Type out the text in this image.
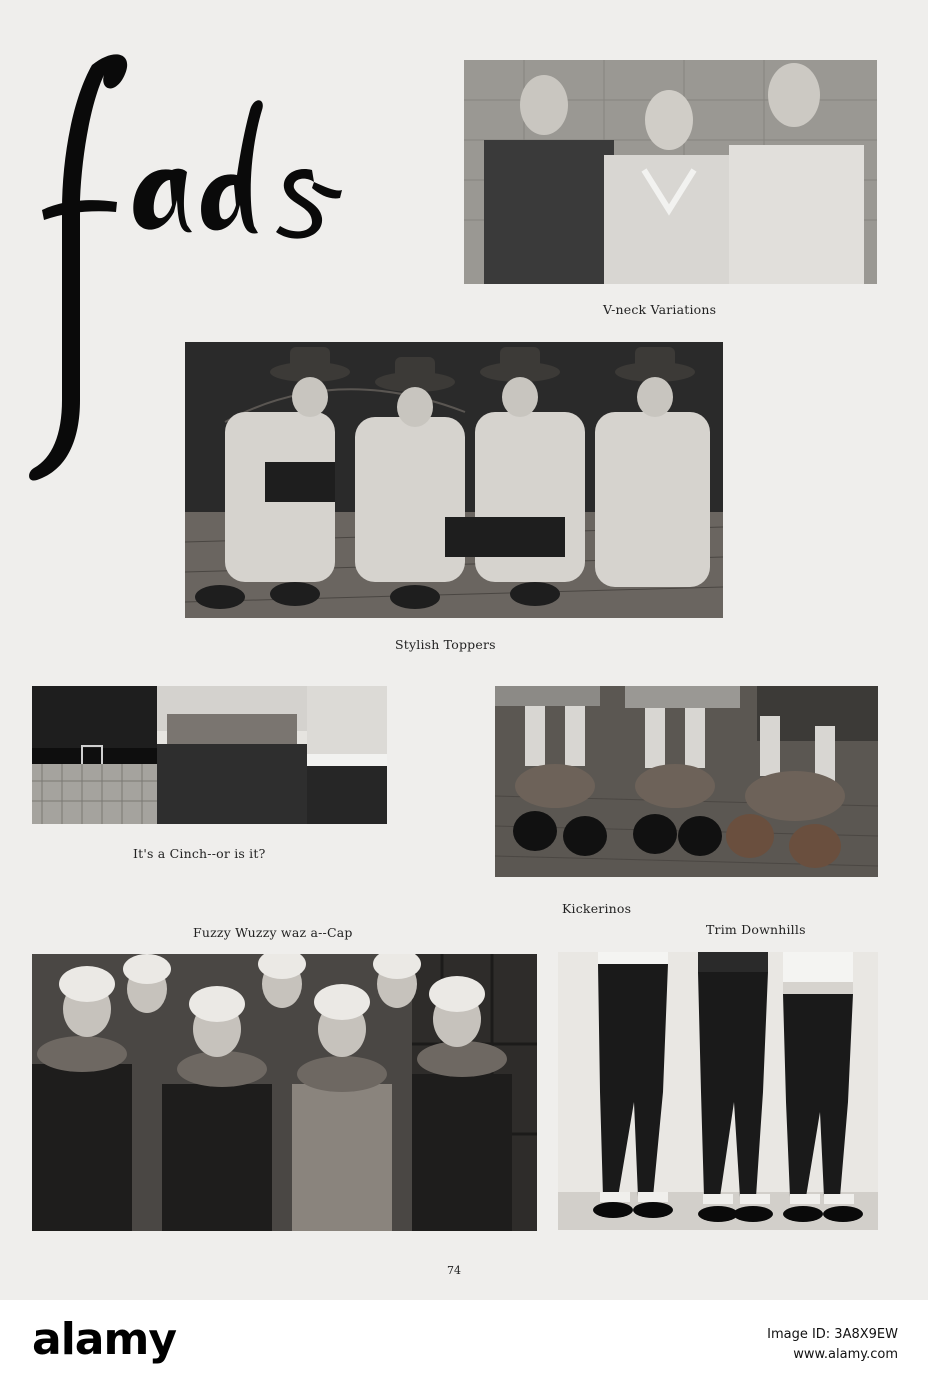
V-neck Variations
Stylish Toppers
It's a Cinch--or is it?
Kickerinos
Fuzzy Wuzzy waz a--Cap	Trim Downhills
74
alamy	Image ID: 3A8X9EW
www.alamy.com
